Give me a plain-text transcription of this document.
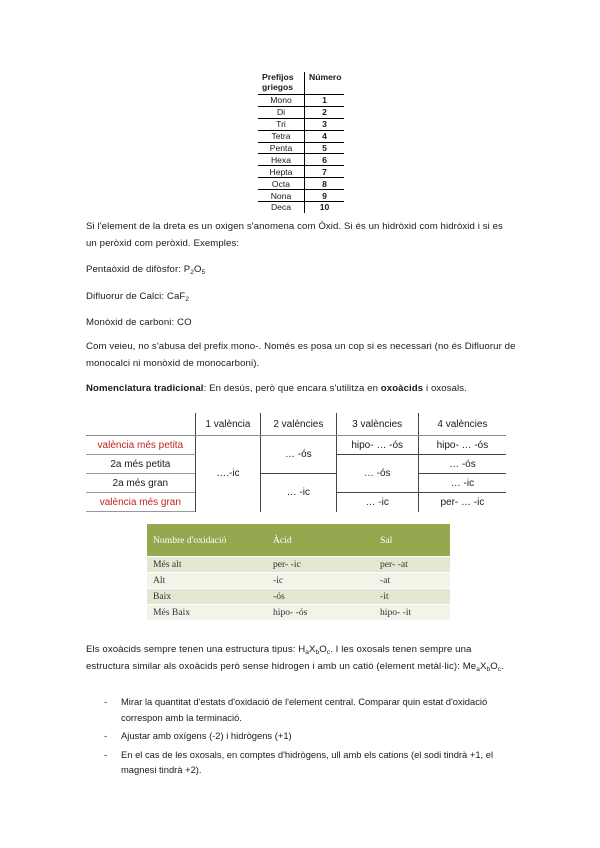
Prefijos griegos	Número
Mono	1
Di	2
Tri	3
Tetra	4
Penta	5
Hexa	6
Hepta	7
Octa	8
Nona	9
Deca	10
Si l'element de la dreta es un oxigen s'anomena com Òxid. Si és un hidròxid com hidròxid i si es un peròxid com peròxid. Exemples:
Pentaòxid de difòsfor: $P_2O_5$
Difluorur de Calci: CaF$_2$
Monòxid de carboni: CO
Com veieu, no s'abusa del prefix mono-. Només es posa un cop si es necessari (no és Difluorur de monocalci ni monòxid de monocarboni).
Nomenclatura tradicional: En desús, però que encara s'utilitza en oxoàcids i oxosals.
	1 valència	2 valències	3 valències	4 valències
valència més petita	….-ic	… -ós	hipo- … -ós	hipo- … -ós
2a més petita			… -ós	… -ós
2a més gran		… -ic		… -ic
valència més gran			… -ic	per- … -ic
Nombre d'oxidació	Àcid	Sal
Més alt	per- -ic	per- -at
Alt	-ic	-at
Baix	-ós	-it
Més Baix	hipo- -ós	hipo- -it
Els oxoàcids sempre tenen una estructura tipus: $H_aX_bO_c$. I les oxosals tenen sempre una estructura similar als oxoàcids però sense hidrogen i amb un catió (element metàl·lic): $Me_aX_bO_c$.
- Mirar la quantitat d'estats d'oxidació de l'element central. Comparar quin estat d'oxidació correspon amb la terminació.
- Ajustar amb oxígens (-2) i hidrògens (+1)
- En el cas de les oxosals, en comptes d'hidrògens, ull amb els cations (el sodi tindrà +1, el magnesi tindrà +2).
